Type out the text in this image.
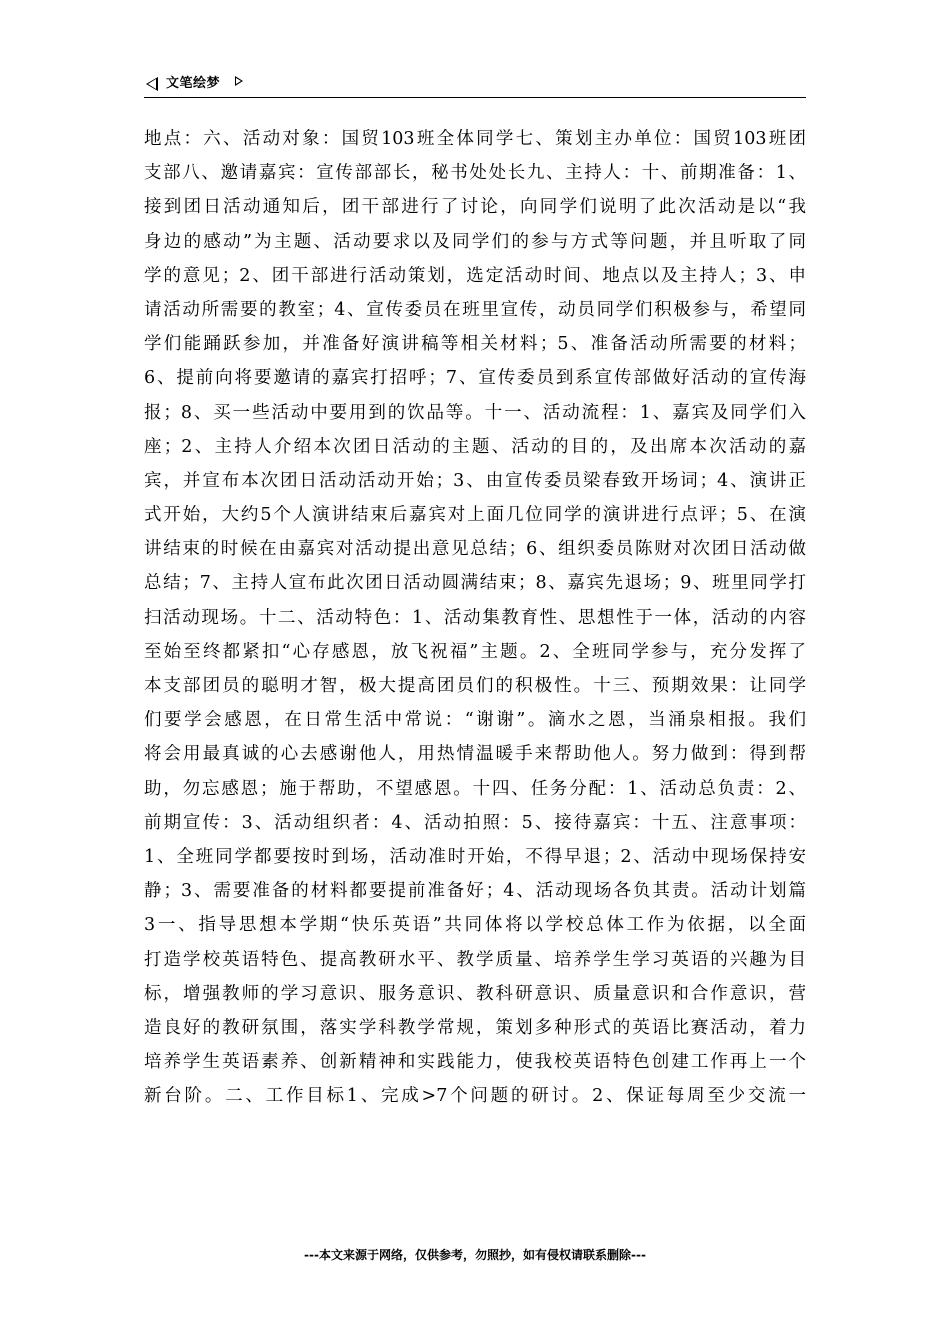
文笔绘梦
地点：六、活动对象：国贸103班全体同学七、策划主办单位：国贸103班团
支部八、邀请嘉宾：宣传部部长，秘书处处长九、主持人：十、前期准备：1、
接到团日活动通知后，团干部进行了讨论，向同学们说明了此次活动是以“我
身边的感动”为主题、活动要求以及同学们的参与方式等问题，并且听取了同
学的意见；2、团干部进行活动策划，选定活动时间、地点以及主持人；3、申
请活动所需要的教室；4、宣传委员在班里宣传，动员同学们积极参与，希望同
学们能踊跃参加，并准备好演讲稿等相关材料；5、准备活动所需要的材料；
6、提前向将要邀请的嘉宾打招呼；7、宣传委员到系宣传部做好活动的宣传海
报；8、买一些活动中要用到的饮品等。十一、活动流程：1、嘉宾及同学们入
座；2、主持人介绍本次团日活动的主题、活动的目的，及出席本次活动的嘉
宾，并宣布本次团日活动活动开始；3、由宣传委员梁春致开场词；4、演讲正
式开始，大约5个人演讲结束后嘉宾对上面几位同学的演讲进行点评；5、在演
讲结束的时候在由嘉宾对活动提出意见总结；6、组织委员陈财对次团日活动做
总结；7、主持人宣布此次团日活动圆满结束；8、嘉宾先退场；9、班里同学打
扫活动现场。十二、活动特色：1、活动集教育性、思想性于一体，活动的内容
至始至终都紧扣“心存感恩，放飞祝福”主题。2、全班同学参与，充分发挥了
本支部团员的聪明才智，极大提高团员们的积极性。十三、预期效果：让同学
们要学会感恩，在日常生活中常说：“谢谢”。滴水之恩，当涌泉相报。我们
将会用最真诚的心去感谢他人，用热情温暖手来帮助他人。努力做到：得到帮
助，勿忘感恩；施于帮助，不望感恩。十四、任务分配：1、活动总负责：2、
前期宣传：3、活动组织者：4、活动拍照：5、接待嘉宾：十五、注意事项：
1、全班同学都要按时到场，活动准时开始，不得早退；2、活动中现场保持安
静；3、需要准备的材料都要提前准备好；4、活动现场各负其责。活动计划篇
3一、指导思想本学期“快乐英语”共同体将以学校总体工作为依据，以全面
打造学校英语特色、提高教研水平、教学质量、培养学生学习英语的兴趣为目
标，增强教师的学习意识、服务意识、教科研意识、质量意识和合作意识，营
造良好的教研氛围，落实学科教学常规，策划多种形式的英语比赛活动，着力
培养学生英语素养、创新精神和实践能力，使我校英语特色创建工作再上一个
新台阶。二、工作目标1、完成>7个问题的研讨。2、保证每周至少交流一
---本文来源于网络，仅供参考，勿照抄，如有侵权请联系删除---
